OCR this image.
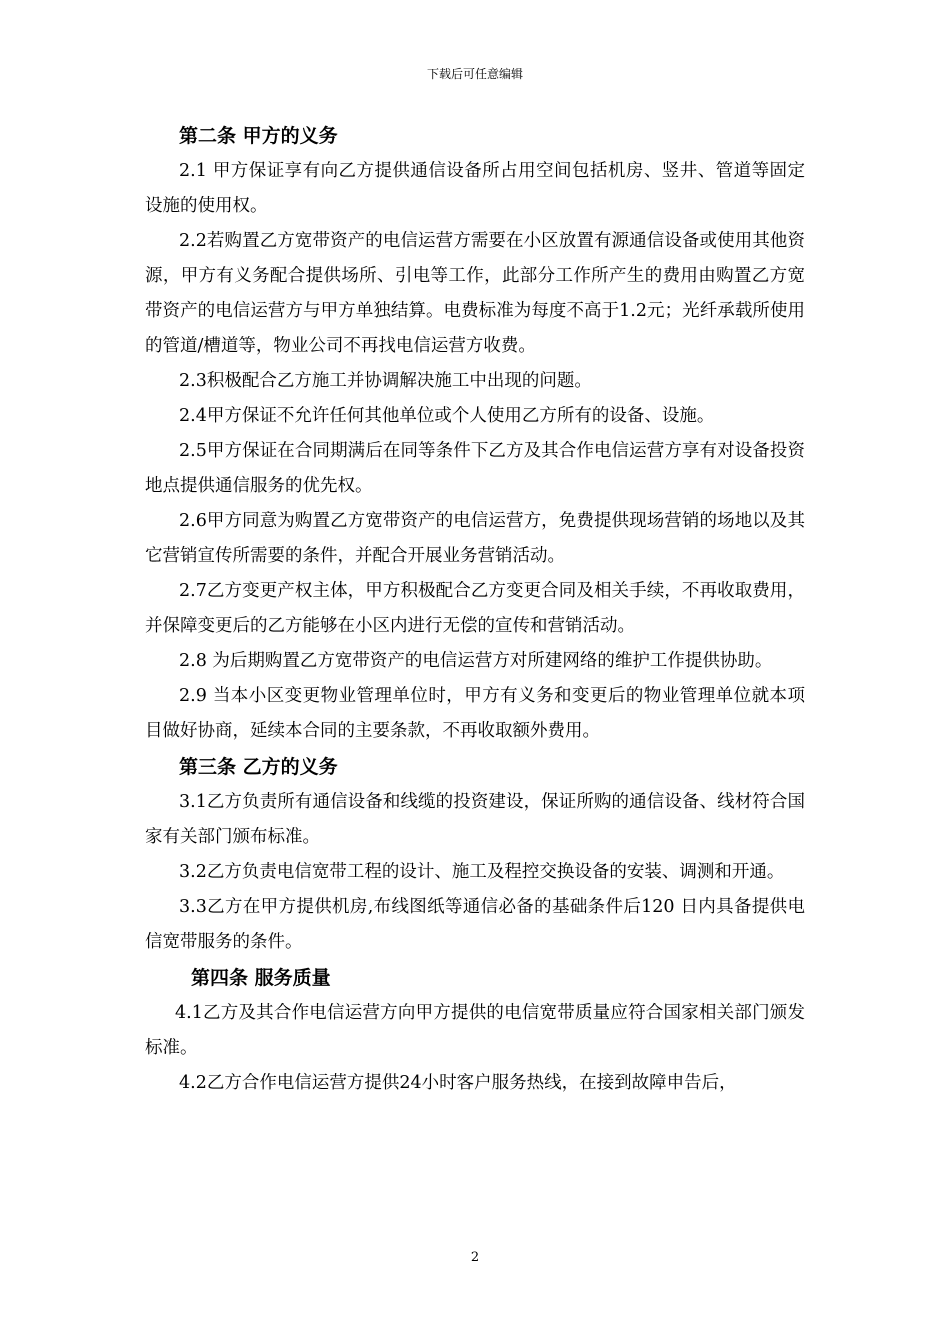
下载后可任意编辑
第二条 甲方的义务
2.1 甲方保证享有向乙方提供通信设备所占用空间包括机房、竖井、管道等固定设施的使用权。
2.2若购置乙方宽带资产的电信运营方需要在小区放置有源通信设备或使用其他资源，甲方有义务配合提供场所、引电等工作，此部分工作所产生的费用由购置乙方宽带资产的电信运营方与甲方单独结算。电费标准为每度不高于1.2元；光纤承载所使用的管道/槽道等，物业公司不再找电信运营方收费。
2.3积极配合乙方施工并协调解决施工中出现的问题。
2.4甲方保证不允许任何其他单位或个人使用乙方所有的设备、设施。
2.5甲方保证在合同期满后在同等条件下乙方及其合作电信运营方享有对设备投资地点提供通信服务的优先权。
2.6甲方同意为购置乙方宽带资产的电信运营方，免费提供现场营销的场地以及其它营销宣传所需要的条件，并配合开展业务营销活动。
2.7乙方变更产权主体，甲方积极配合乙方变更合同及相关手续，不再收取费用，并保障变更后的乙方能够在小区内进行无偿的宣传和营销活动。
2.8 为后期购置乙方宽带资产的电信运营方对所建网络的维护工作提供协助。
2.9 当本小区变更物业管理单位时，甲方有义务和变更后的物业管理单位就本项目做好协商，延续本合同的主要条款，不再收取额外费用。
第三条 乙方的义务
3.1乙方负责所有通信设备和线缆的投资建设，保证所购的通信设备、线材符合国家有关部门颁布标准。
3.2乙方负责电信宽带工程的设计、施工及程控交换设备的安装、调测和开通。
3.3乙方在甲方提供机房,布线图纸等通信必备的基础条件后120 日内具备提供电信宽带服务的条件。
第四条 服务质量
4.1乙方及其合作电信运营方向甲方提供的电信宽带质量应符合国家相关部门颁发标准。
4.2乙方合作电信运营方提供24小时客户服务热线，在接到故障申告后，
2
